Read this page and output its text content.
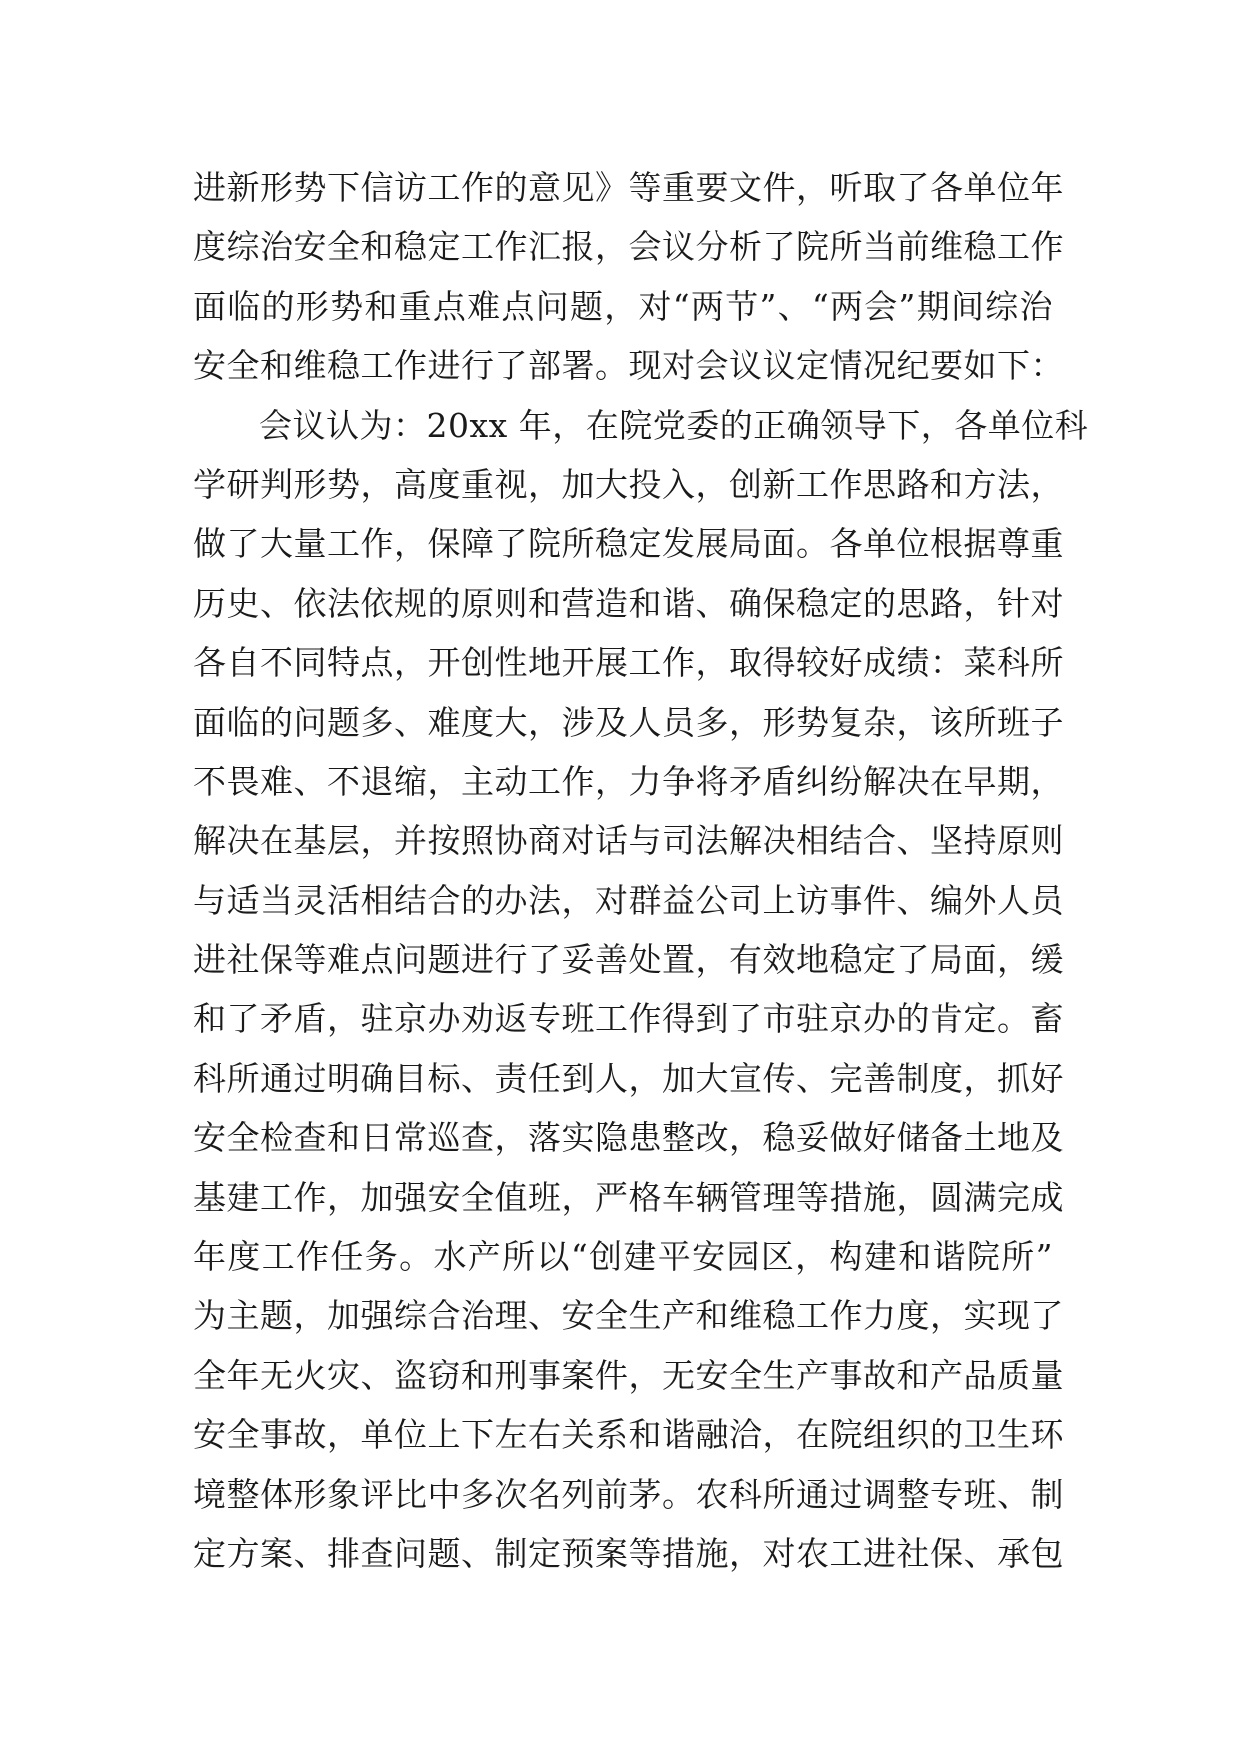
进新形势下信访工作的意见》等重要文件，听取了各单位年
度综治安全和稳定工作汇报，会议分析了院所当前维稳工作
面临的形势和重点难点问题，对“两节”、“两会”期间综治
安全和维稳工作进行了部署。现对会议议定情况纪要如下：
会议认为：20xx 年，在院党委的正确领导下，各单位科
学研判形势，高度重视，加大投入，创新工作思路和方法，
做了大量工作，保障了院所稳定发展局面。各单位根据尊重
历史、依法依规的原则和营造和谐、确保稳定的思路，针对
各自不同特点，开创性地开展工作，取得较好成绩：菜科所
面临的问题多、难度大，涉及人员多，形势复杂，该所班子
不畏难、不退缩，主动工作，力争将矛盾纠纷解决在早期，
解决在基层，并按照协商对话与司法解决相结合、坚持原则
与适当灵活相结合的办法，对群益公司上访事件、编外人员
进社保等难点问题进行了妥善处置，有效地稳定了局面，缓
和了矛盾，驻京办劝返专班工作得到了市驻京办的肯定。畜
科所通过明确目标、责任到人，加大宣传、完善制度，抓好
安全检查和日常巡查，落实隐患整改，稳妥做好储备土地及
基建工作，加强安全值班，严格车辆管理等措施，圆满完成
年度工作任务。水产所以“创建平安园区，构建和谐院所”
为主题，加强综合治理、安全生产和维稳工作力度，实现了
全年无火灾、盗窃和刑事案件，无安全生产事故和产品质量
安全事故，单位上下左右关系和谐融洽，在院组织的卫生环
境整体形象评比中多次名列前茅。农科所通过调整专班、制
定方案、排查问题、制定预案等措施，对农工进社保、承包
